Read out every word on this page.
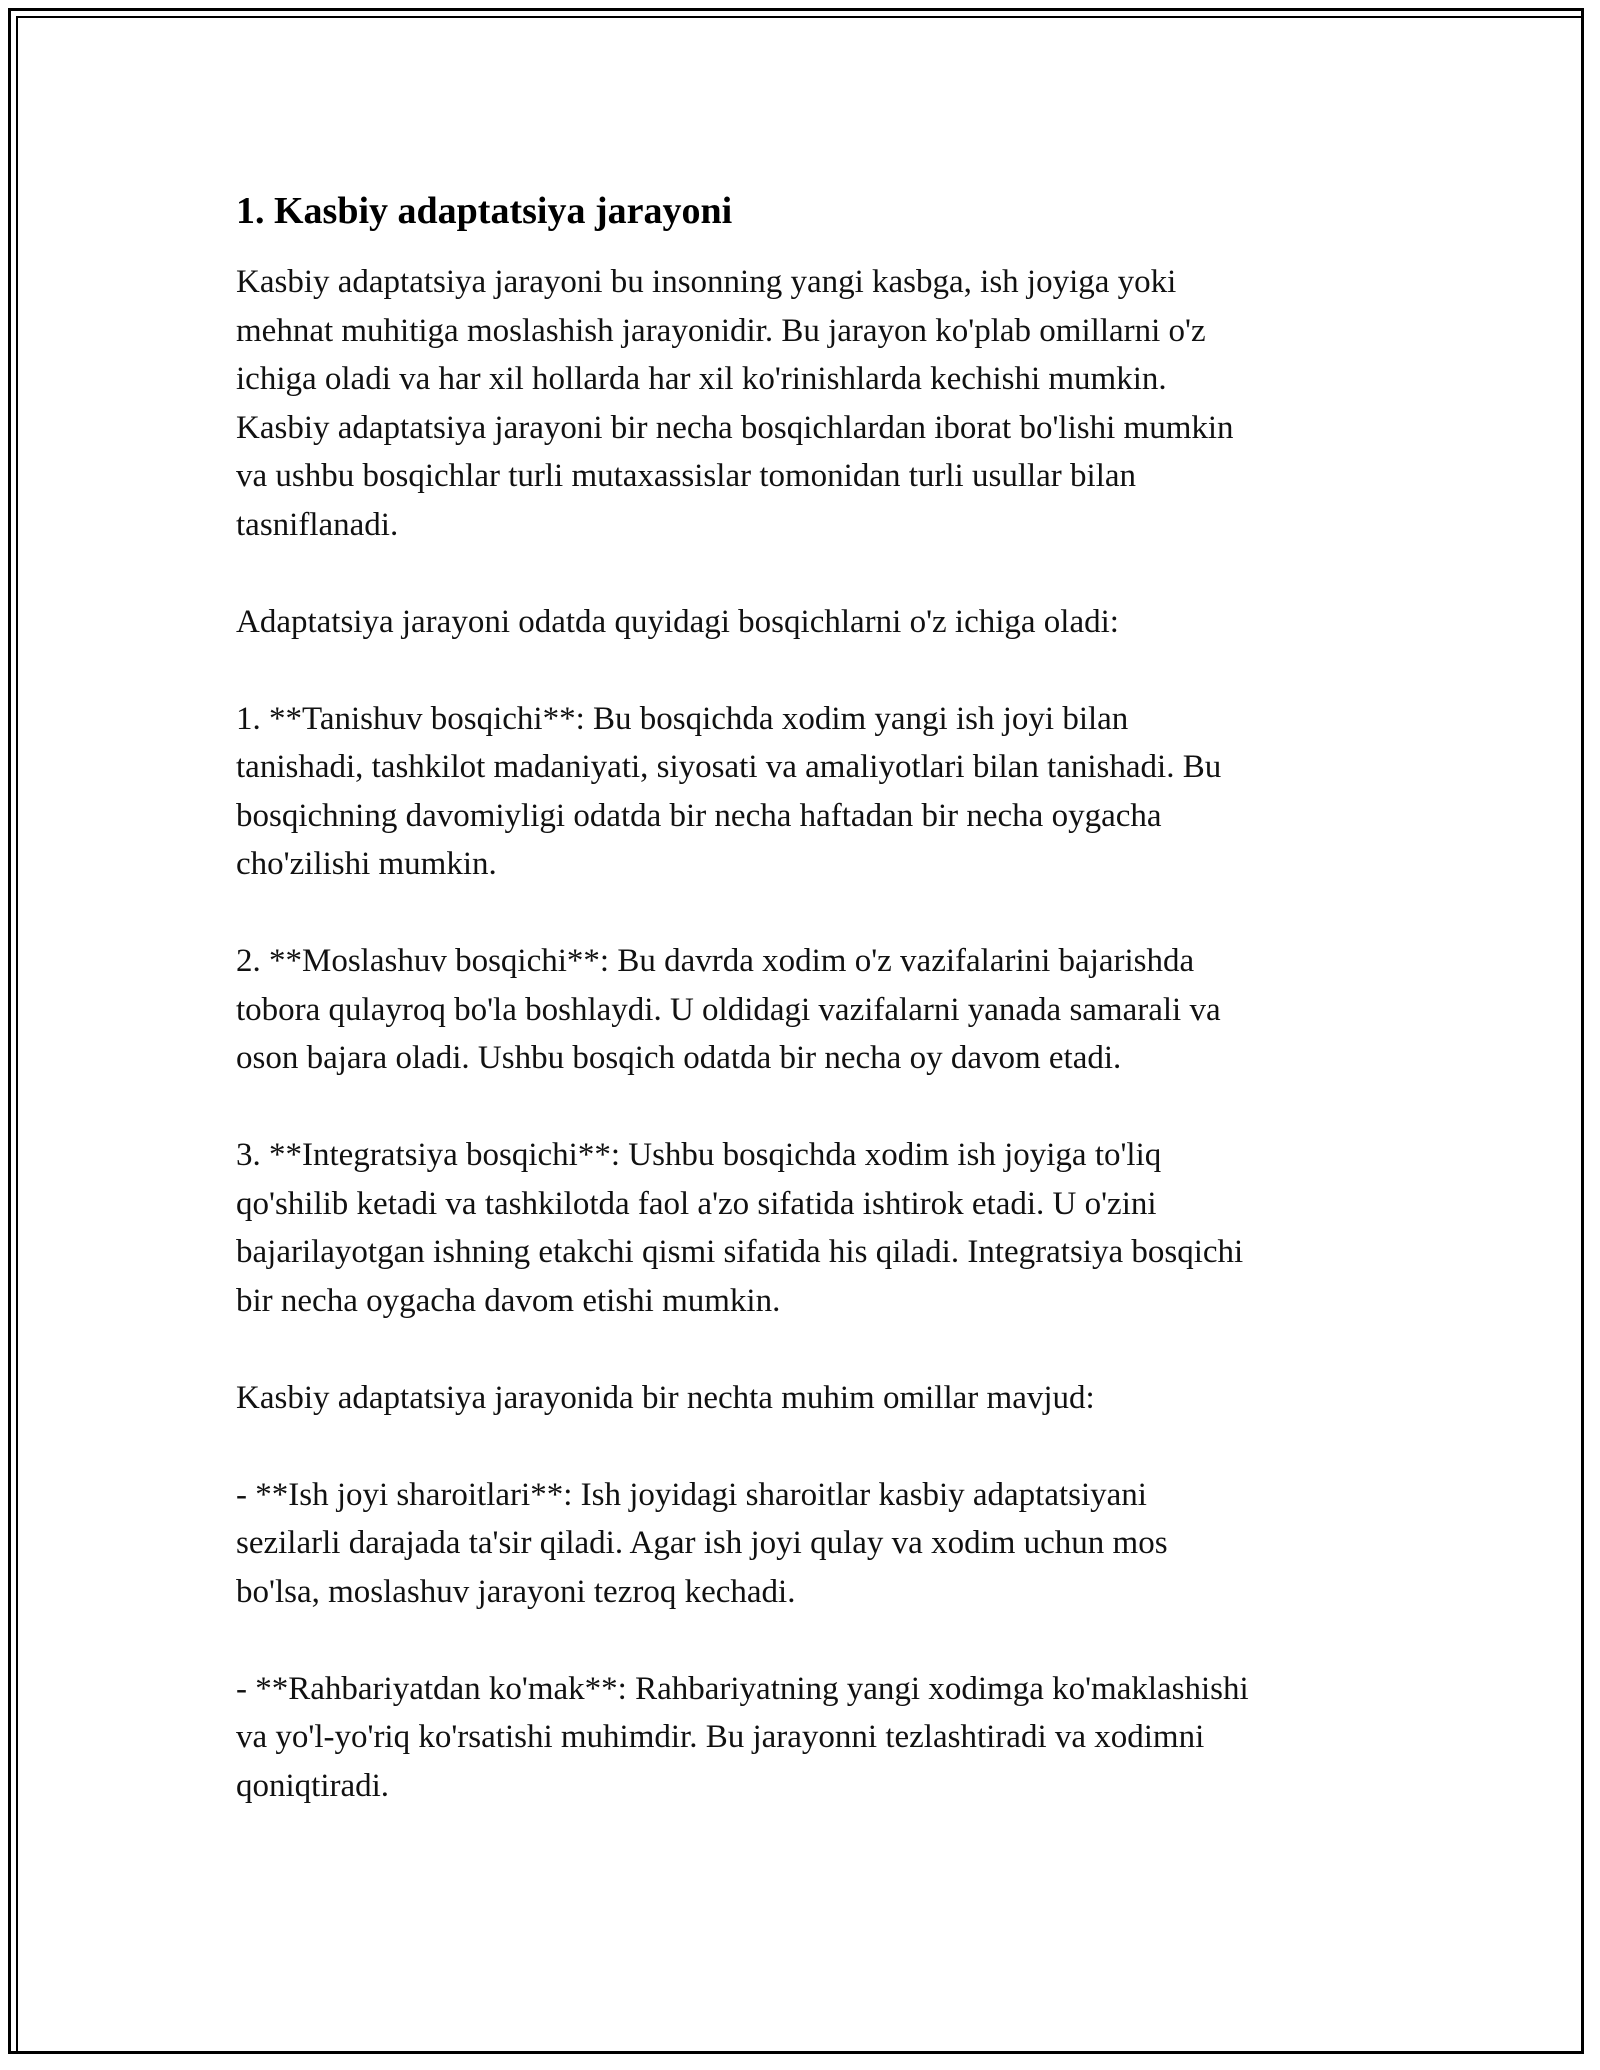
1. Kasbiy adaptatsiya jarayoni

Kasbiy adaptatsiya jarayoni bu insonning yangi kasbga, ish joyiga yoki
mehnat muhitiga moslashish jarayonidir. Bu jarayon ko'plab omillarni o'z
ichiga oladi va har xil hollarda har xil ko'rinishlarda kechishi mumkin.
Kasbiy adaptatsiya jarayoni bir necha bosqichlardan iborat bo'lishi mumkin
va ushbu bosqichlar turli mutaxassislar tomonidan turli usullar bilan
tasniflanadi.

Adaptatsiya jarayoni odatda quyidagi bosqichlarni o'z ichiga oladi:

1. **Tanishuv bosqichi**: Bu bosqichda xodim yangi ish joyi bilan
tanishadi, tashkilot madaniyati, siyosati va amaliyotlari bilan tanishadi. Bu
bosqichning davomiyligi odatda bir necha haftadan bir necha oygacha
cho'zilishi mumkin.

2. **Moslashuv bosqichi**: Bu davrda xodim o'z vazifalarini bajarishda
tobora qulayroq bo'la boshlaydi. U oldidagi vazifalarni yanada samarali va
oson bajara oladi. Ushbu bosqich odatda bir necha oy davom etadi.

3. **Integratsiya bosqichi**: Ushbu bosqichda xodim ish joyiga to'liq
qo'shilib ketadi va tashkilotda faol a'zo sifatida ishtirok etadi. U o'zini
bajarilayotgan ishning etakchi qismi sifatida his qiladi. Integratsiya bosqichi
bir necha oygacha davom etishi mumkin.

Kasbiy adaptatsiya jarayonida bir nechta muhim omillar mavjud:

- **Ish joyi sharoitlari**: Ish joyidagi sharoitlar kasbiy adaptatsiyani
sezilarli darajada ta'sir qiladi. Agar ish joyi qulay va xodim uchun mos
bo'lsa, moslashuv jarayoni tezroq kechadi.

- **Rahbariyatdan ko'mak**: Rahbariyatning yangi xodimga ko'maklashishi
va yo'l-yo'riq ko'rsatishi muhimdir. Bu jarayonni tezlashtiradi va xodimni
qoniqtiradi.
